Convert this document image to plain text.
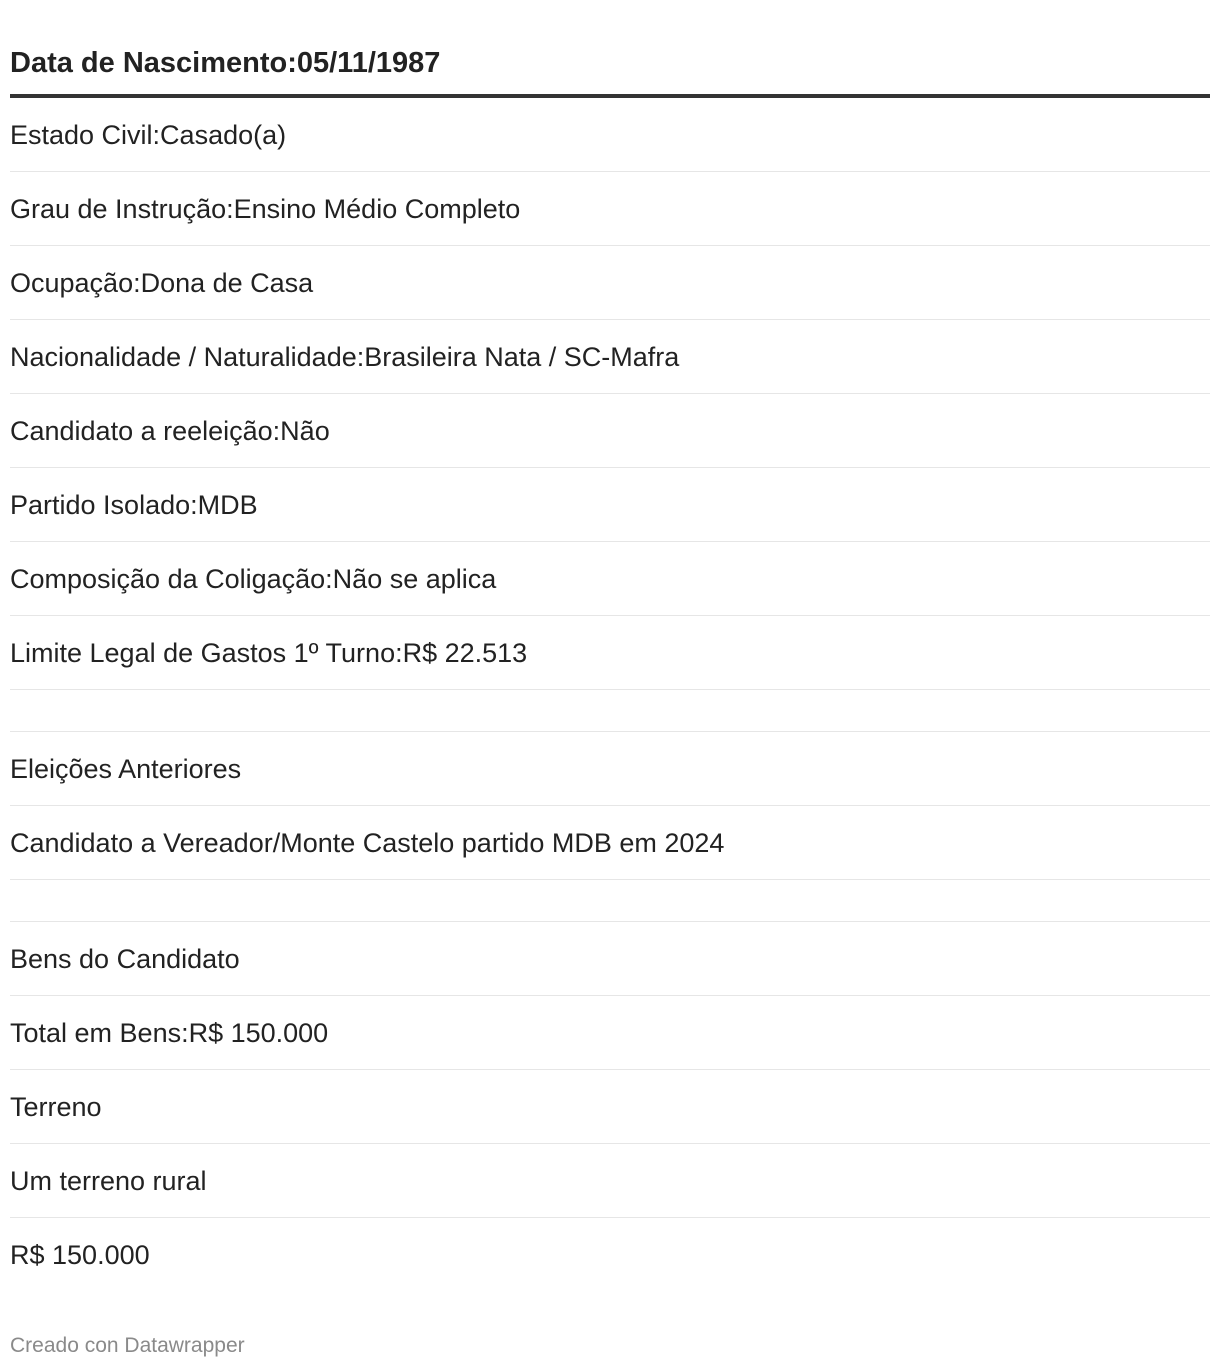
Data de Nascimento:05/11/1987
Estado Civil:Casado(a)
Grau de Instrução:Ensino Médio Completo
Ocupação:Dona de Casa
Nacionalidade / Naturalidade:Brasileira Nata / SC-Mafra
Candidato a reeleição:Não
Partido Isolado:MDB
Composição da Coligação:Não se aplica
Limite Legal de Gastos 1º Turno:R$ 22.513
Eleições Anteriores
Candidato a Vereador/Monte Castelo partido MDB em 2024
Bens do Candidato
Total em Bens:R$ 150.000
Terreno
Um terreno rural
R$ 150.000
Creado con Datawrapper
